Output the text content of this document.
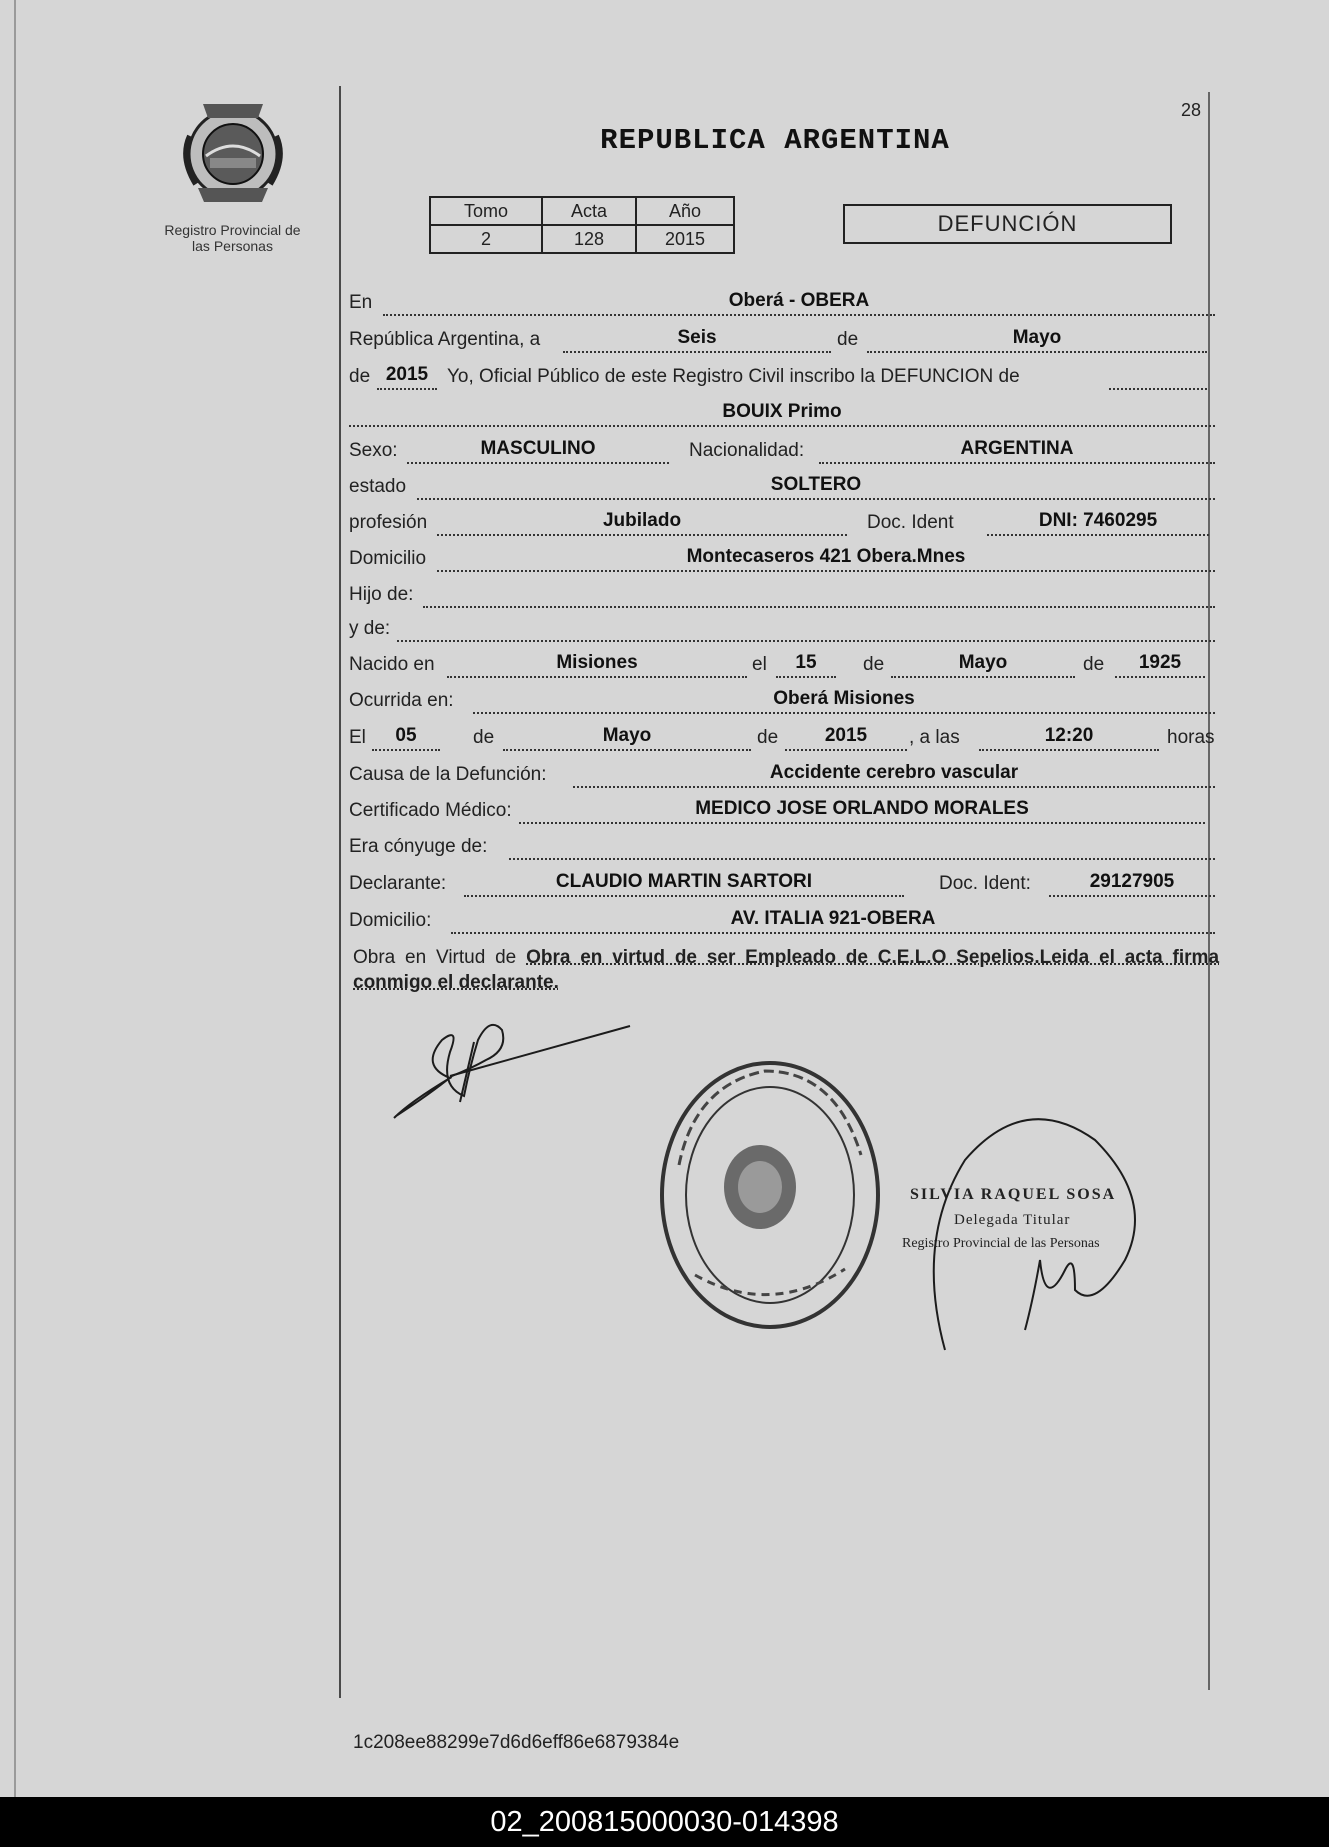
Registro Provincial de
las Personas
28
REPUBLICA ARGENTINA
Tomo	Acta	Año
2	128	2015
DEFUNCIÓN
En	Oberá - OBERA
República Argentina, a	Seis	de	Mayo
de 2015 Yo, Oficial Público de este Registro Civil inscribo la DEFUNCION de
BOUIX Primo
Sexo:	MASCULINO	Nacionalidad:	ARGENTINA
estado	SOLTERO
profesión	Jubilado	Doc. Ident	DNI: 7460295
Domicilio	Montecaseros 421 Obera.Mnes
Hijo de:
y de:
Nacido en	Misiones	el	15	de	Mayo	de	1925
Ocurrida en:	Oberá Misiones
El	05	de	Mayo	de	2015	, a las	12:20	horas
Causa de la Defunción:	Accidente cerebro vascular
Certificado Médico:	MEDICO JOSE ORLANDO MORALES
Era cónyuge de:
Declarante:	CLAUDIO MARTIN SARTORI	Doc. Ident:	29127905
Domicilio:	AV. ITALIA 921-OBERA
Obra en Virtud de Obra en virtud de ser Empleado de C.E.L.O Sepelios.Leida el acta firma conmigo el declarante.
SILVIA RAQUEL SOSA
Delegada Titular
Registro Provincial de las Personas
1c208ee88299e7d6d6eff86e6879384e
02_200815000030-014398
